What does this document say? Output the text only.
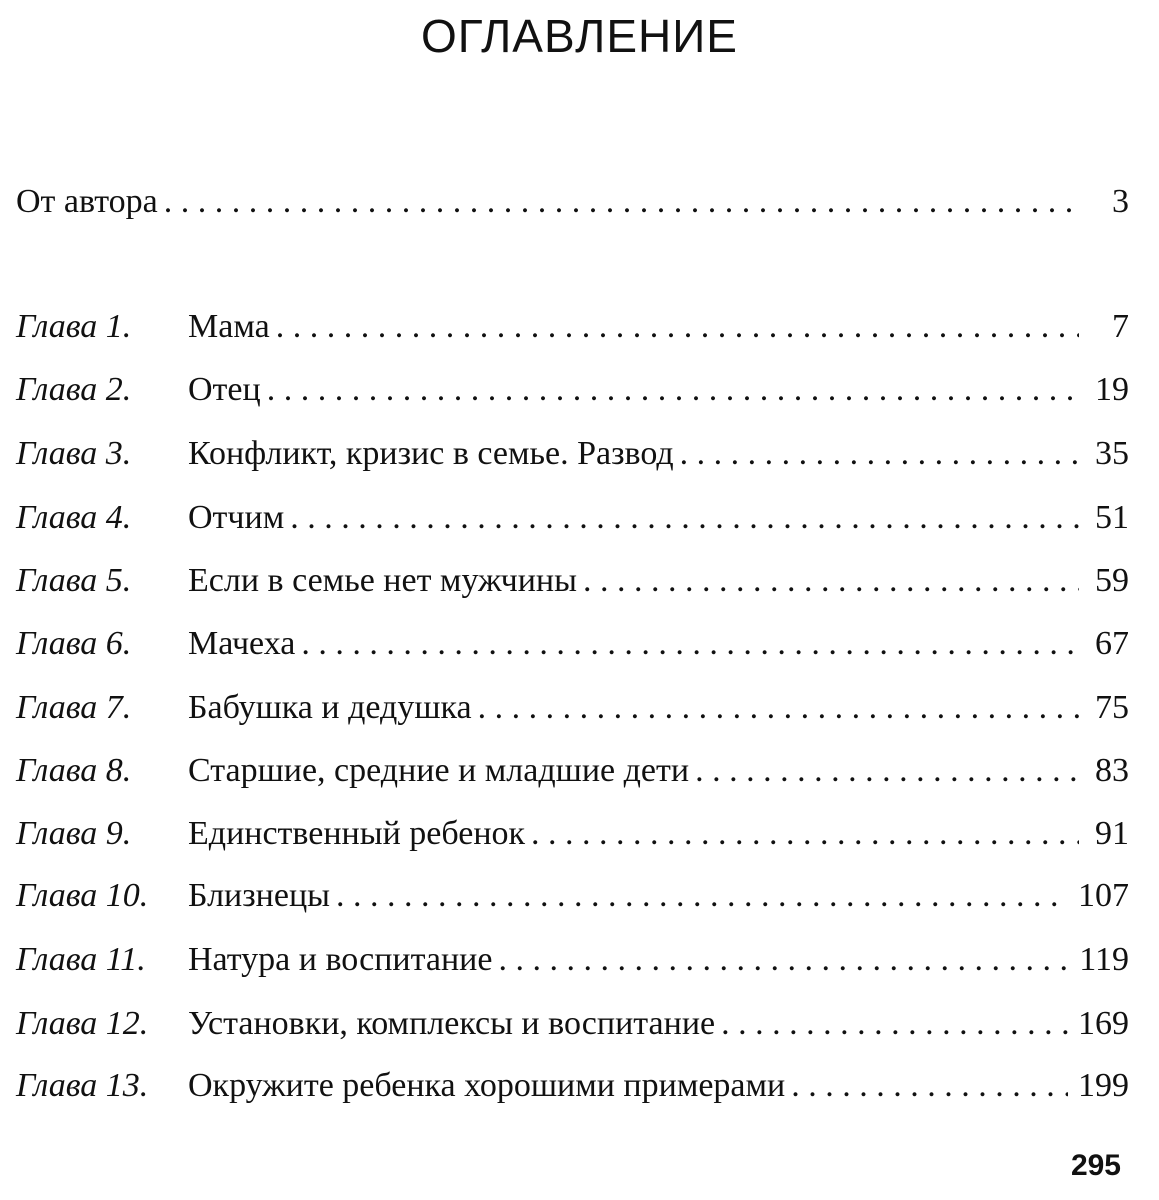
ОГЛАВЛЕНИЕ
От автора . . .	3
Глава 1.	Мама . . .	7
Глава 2.	Отец . . .	19
Глава 3.	Конфликт, кризис в семье. Развод . . .	35
Глава 4.	Отчим . . .	51
Глава 5.	Если в семье нет мужчины . . .	59
Глава 6.	Мачеха . . .	67
Глава 7.	Бабушка и дедушка . . .	75
Глава 8.	Старшие, средние и младшие дети . . .	83
Глава 9.	Единственный ребенок . . .	91
Глава 10.	Близнецы . . .	107
Глава 11.	Натура и воспитание . . .	119
Глава 12.	Установки, комплексы и воспитание . . .	169
Глава 13.	Окружите ребенка хорошими примерами . . .	199
295
